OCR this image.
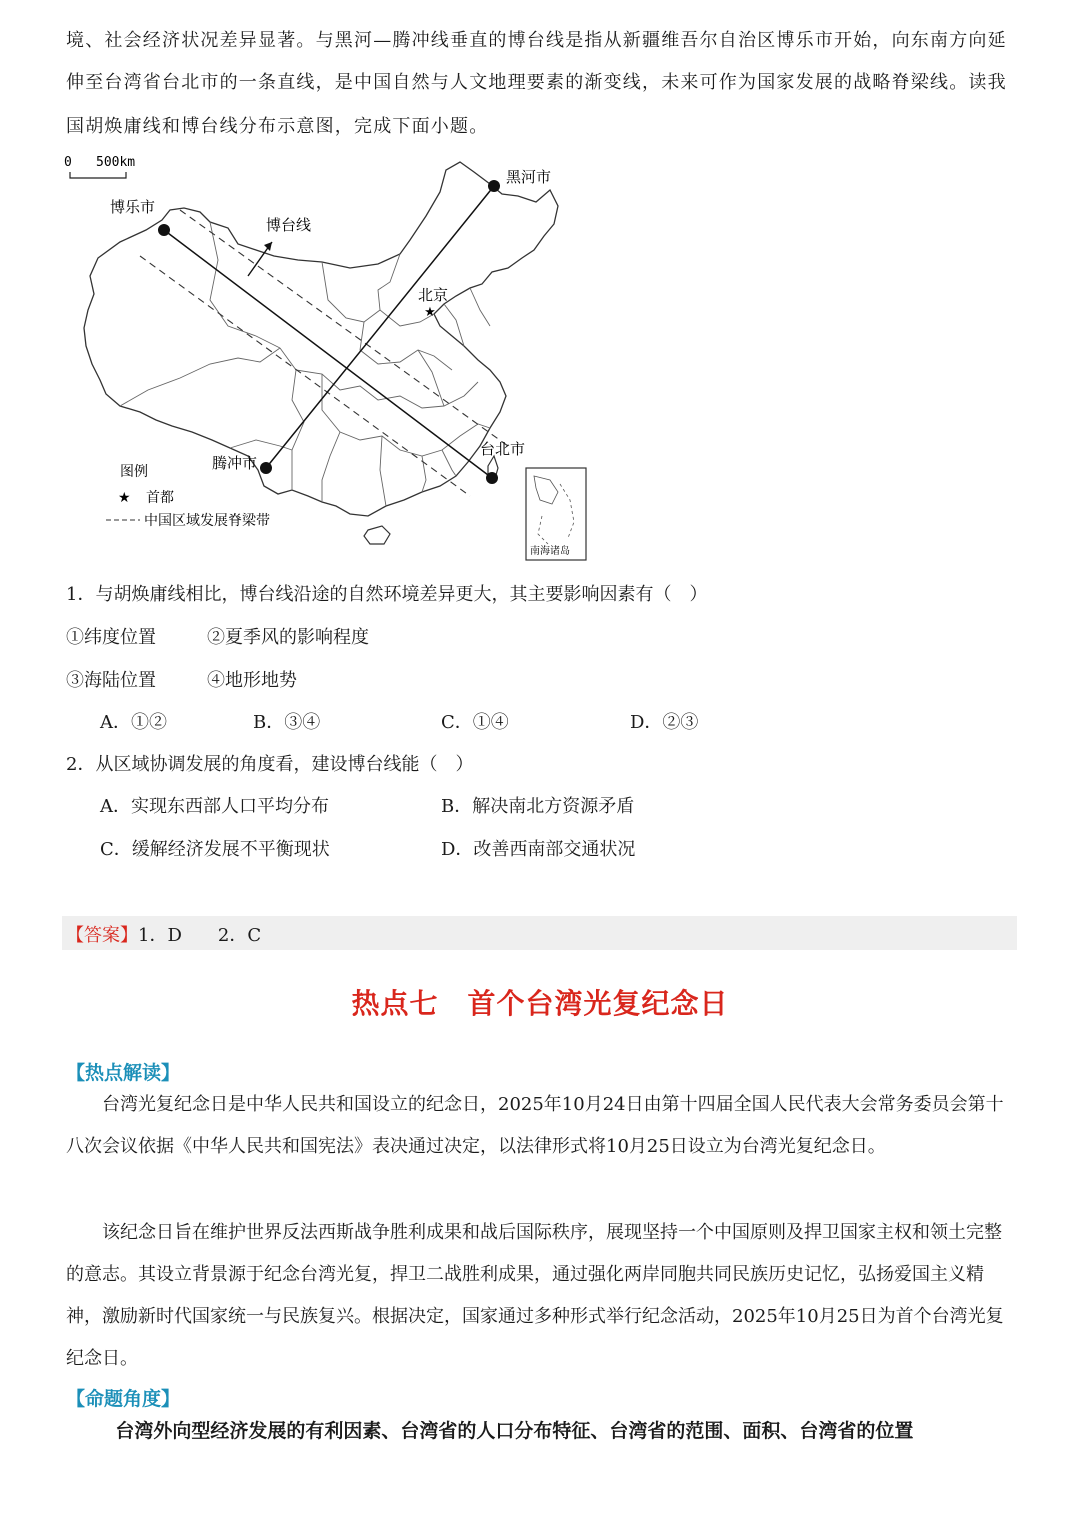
境、社会经济状况差异显著。与黑河—腾冲线垂直的博台线是指从新疆维吾尔自治区博乐市开始，向东南方向延
伸至台湾省台北市的一条直线，是中国自然与人文地理要素的渐变线，未来可作为国家发展的战略脊梁线。读我
国胡焕庸线和博台线分布示意图，完成下面小题。
0 500km
★
博乐市
黑河市
北京
腾冲市
台北市
博台线
图例
★ 首都
中国区域发展脊梁带
南海诸岛
1．与胡焕庸线相比，博台线沿途的自然环境差异更大，其主要影响因素有（　）
①纬度位置	②夏季风的影响程度
③海陆位置	④地形地势
A．①②	B．③④	C．①④	D．②③
2．从区域协调发展的角度看，建设博台线能（　）
A．实现东西部人口平均分布	B．解决南北方资源矛盾
C．缓解经济发展不平衡现状	D．改善西南部交通状况
【答案】1．D　　2．C
热点七　首个台湾光复纪念日
【热点解读】
台湾光复纪念日是中华人民共和国设立的纪念日，2025年10月24日由第十四届全国人民代表大会常务委员会第十八次会议依据《中华人民共和国宪法》表决通过决定，以法律形式将10月25日设立为台湾光复纪念日。
该纪念日旨在维护世界反法西斯战争胜利成果和战后国际秩序，展现坚持一个中国原则及捍卫国家主权和领土完整的意志。其设立背景源于纪念台湾光复，捍卫二战胜利成果，通过强化两岸同胞共同民族历史记忆，弘扬爱国主义精神，激励新时代国家统一与民族复兴。根据决定，国家通过多种形式举行纪念活动，2025年10月25日为首个台湾光复纪念日。
【命题角度】
台湾外向型经济发展的有利因素、台湾省的人口分布特征、台湾省的范围、面积、台湾省的位置
